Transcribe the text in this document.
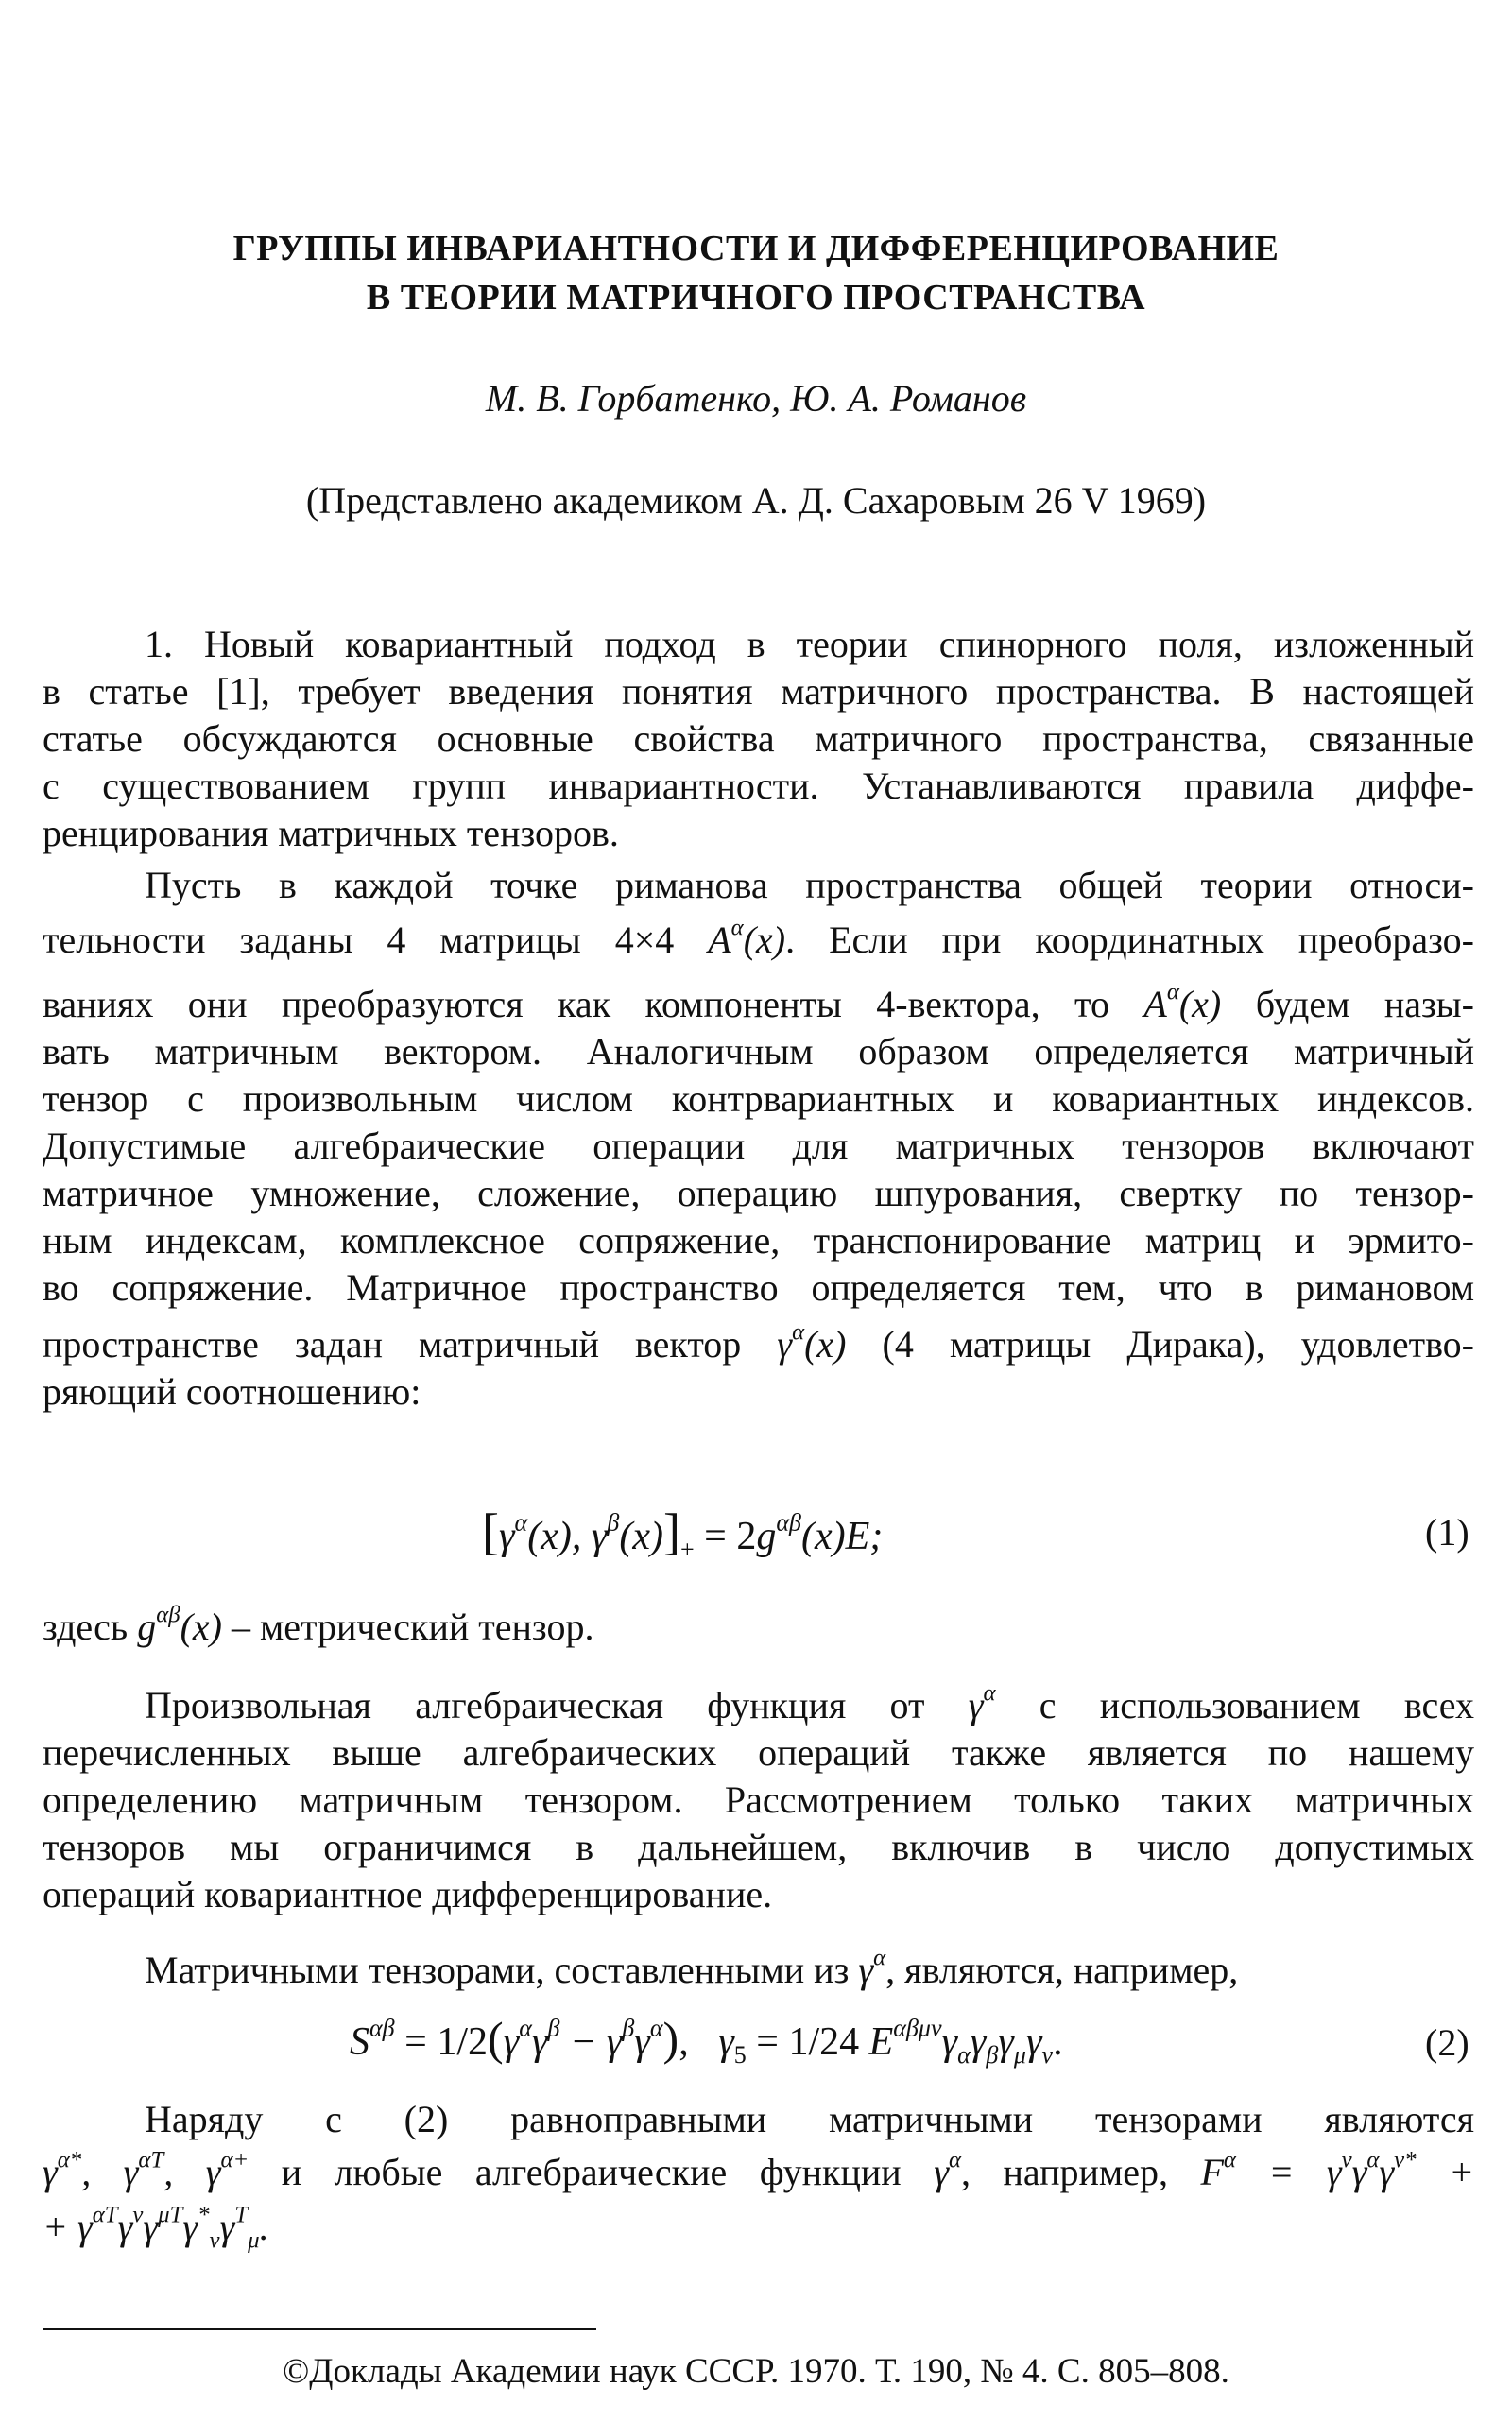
ГРУППЫ ИНВАРИАНТНОСТИ И ДИФФЕРЕНЦИРОВАНИЕ
В ТЕОРИИ МАТРИЧНОГО ПРОСТРАНСТВА
М. В. Горбатенко, Ю. А. Романов
(Представлено академиком А. Д. Сахаровым 26 V 1969)
1. Новый ковариантный подход в теории спинорного поля, изложенный
в статье [1], требует введения понятия матричного пространства. В настоящей
статье обсуждаются основные свойства матричного пространства, связанные
с существованием групп инвариантности. Устанавливаются правила диффе-
ренцирования матричных тензоров.
Пусть в каждой точке риманова пространства общей теории относи-
тельности заданы 4 матрицы 4×4 $A^\alpha(x)$. Если при координатных преобразо-
ваниях они преобразуются как компоненты 4-вектора, то $A^\alpha(x)$ будем назы-
вать матричным вектором. Аналогичным образом определяется матричный
тензор с произвольным числом контрвариантных и ковариантных индексов.
Допустимые алгебраические операции для матричных тензоров включают
матричное умножение, сложение, операцию шпурования, свертку по тензор-
ным индексам, комплексное сопряжение, транспонирование матриц и эрмито-
во сопряжение. Матричное пространство определяется тем, что в римановом
пространстве задан матричный вектор $\gamma^\alpha(x)$ (4 матрицы Дирака), удовлетво-
ряющий соотношению:
[$\gamma^\alpha(x)$, $\gamma^\beta(x)]_+ = 2g^{\alpha\beta}(x)E$;	(1)
здесь $g^{\alpha\beta}(x)$ – метрический тензор.
Произвольная алгебраическая функция от $\gamma^\alpha$ с использованием всех
перечисленных выше алгебраических операций также является по нашему
определению матричным тензором. Рассмотрением только таких матричных
тензоров мы ограничимся в дальнейшем, включив в число допустимых
операций ковариантное дифференцирование.
Матричными тензорами, составленными из $\gamma^\alpha$, являются, например,
$S^{\alpha\beta} = 1/2(\gamma^\alpha\gamma^\beta - \gamma^\beta\gamma^\alpha)$,   $\gamma_5 = 1/24$ $E^{\alpha\beta\mu\nu}\gamma_\alpha\gamma_\beta\gamma_\mu\gamma_\nu$.	(2)
Наряду с (2) равноправными матричными тензорами являются
$\gamma^{\alpha*}$, $\gamma^{\alpha T}$, $\gamma^{\alpha+}$ и любые алгебраические функции $\gamma^\alpha$, например, $F^\alpha = \gamma^\nu\gamma^\alpha\gamma^{\nu*}$ +
+ $\gamma^{\alpha T}\gamma^\nu\gamma^{\mu T}\gamma^*_\nu\gamma^T_\mu$.
©Доклады Академии наук СССР. 1970. Т. 190, № 4. С. 805–808.
